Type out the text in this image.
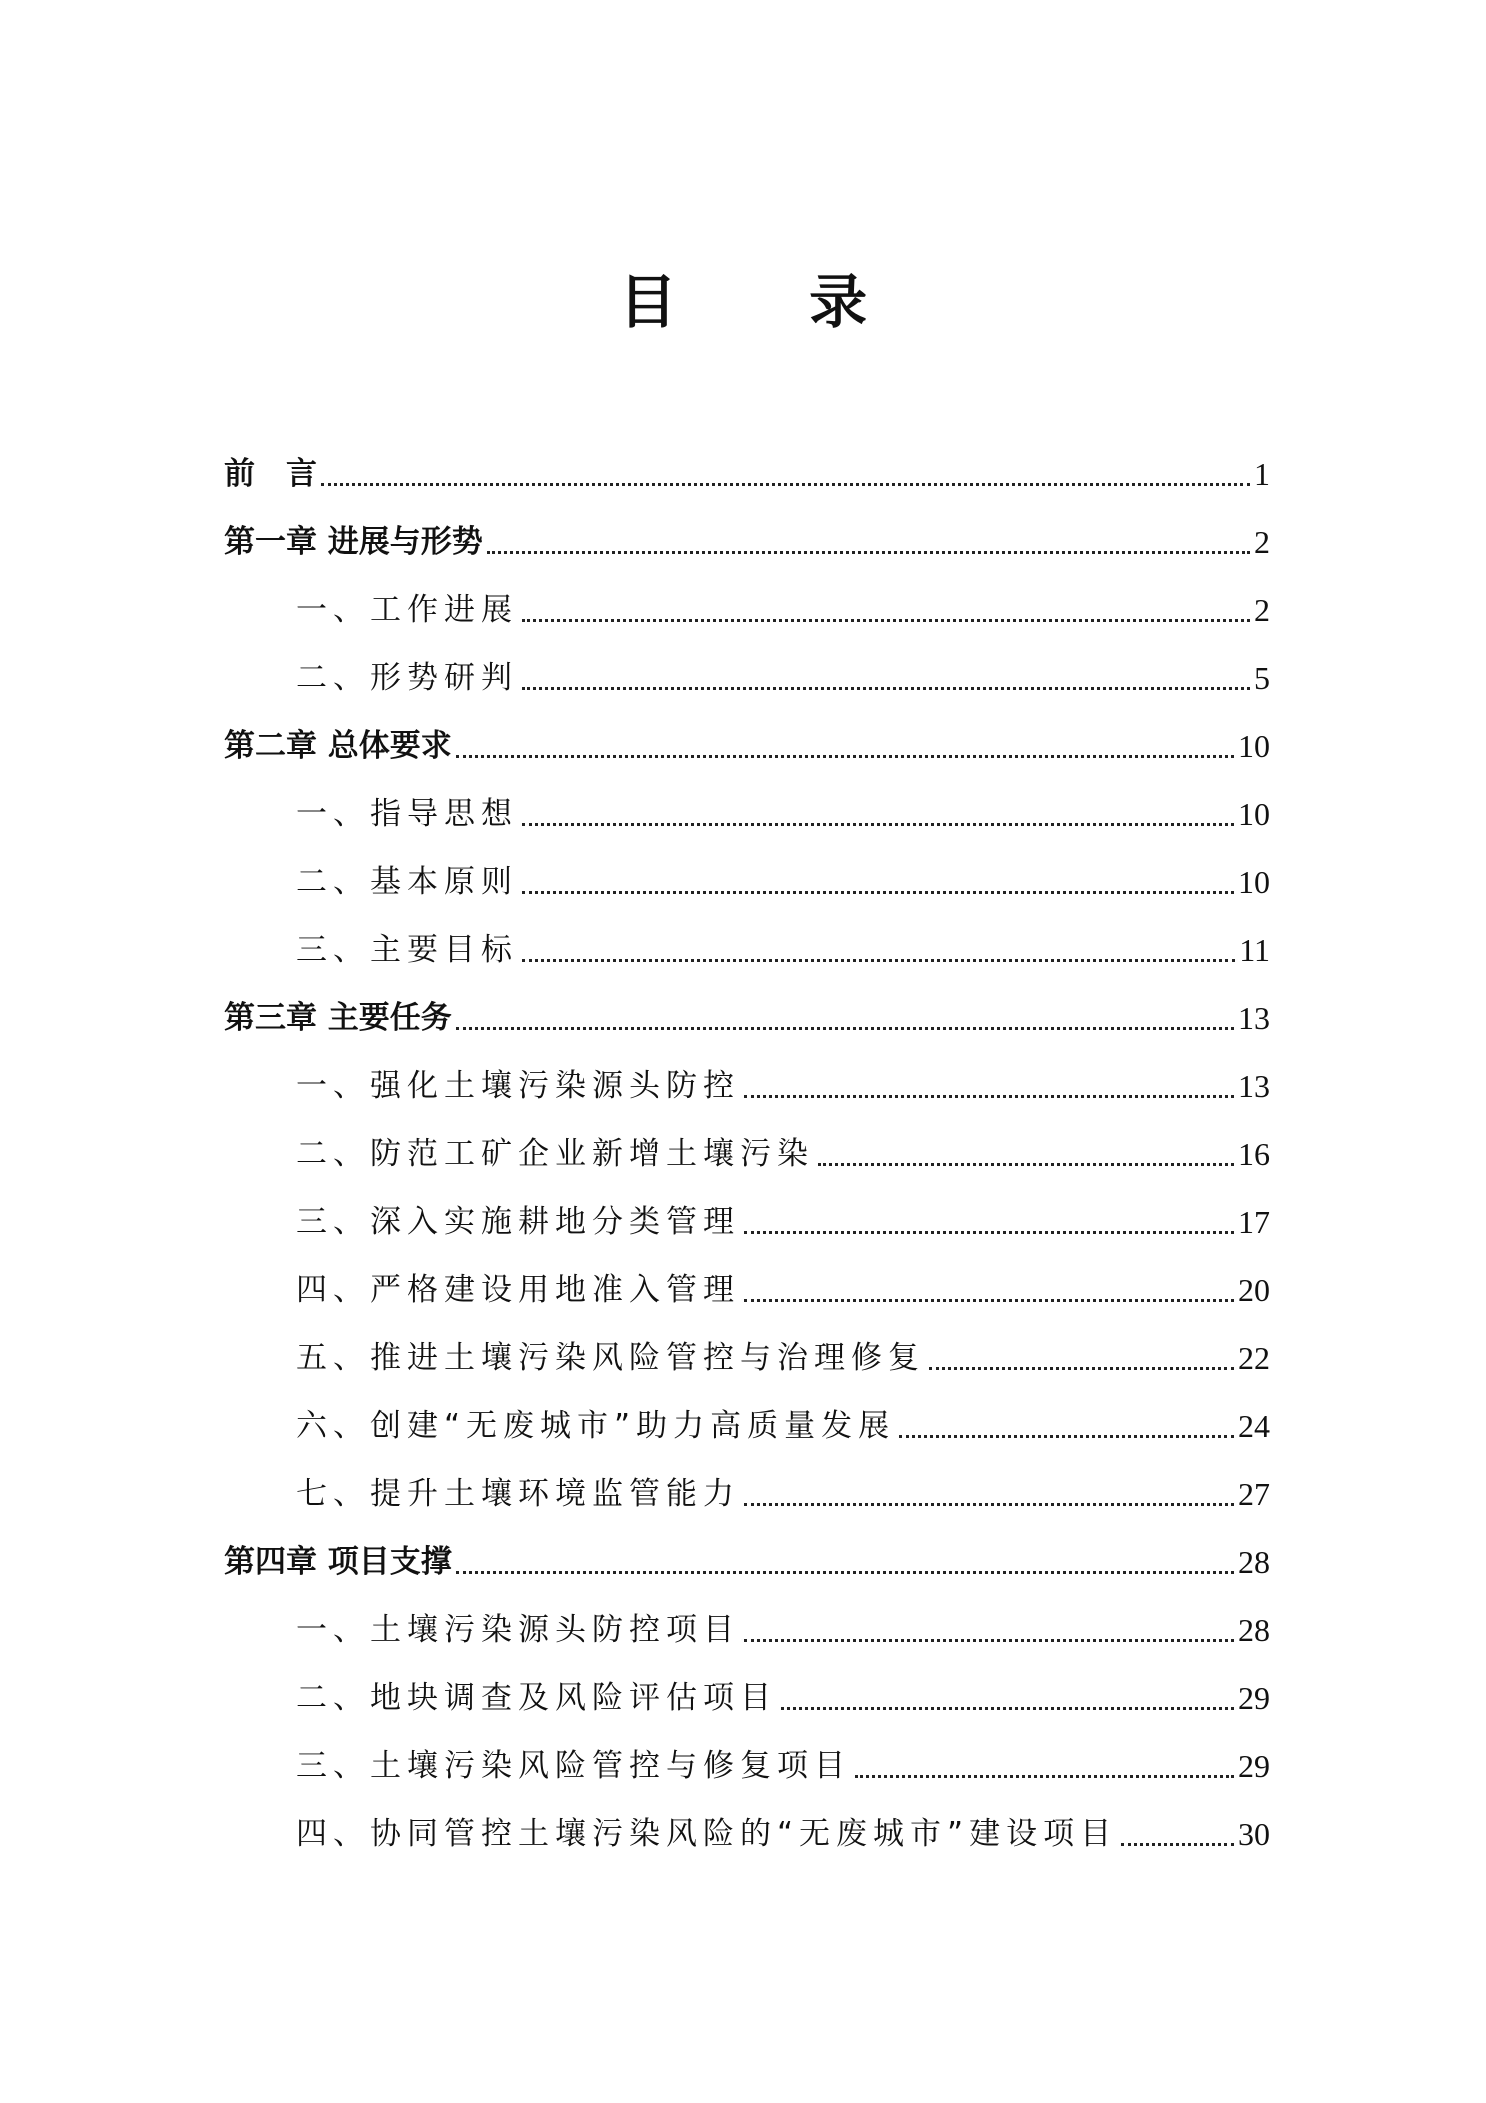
目 录
前　言	1
第一章 进展与形势	2
一、工作进展	2
二、形势研判	5
第二章 总体要求	10
一、指导思想	10
二、基本原则	10
三、主要目标	11
第三章 主要任务	13
一、强化土壤污染源头防控	13
二、防范工矿企业新增土壤污染	16
三、深入实施耕地分类管理	17
四、严格建设用地准入管理	20
五、推进土壤污染风险管控与治理修复	22
六、创建“无废城市”助力高质量发展	24
七、提升土壤环境监管能力	27
第四章 项目支撑	28
一、土壤污染源头防控项目	28
二、地块调查及风险评估项目	29
三、土壤污染风险管控与修复项目	29
四、协同管控土壤污染风险的“无废城市”建设项目	30
